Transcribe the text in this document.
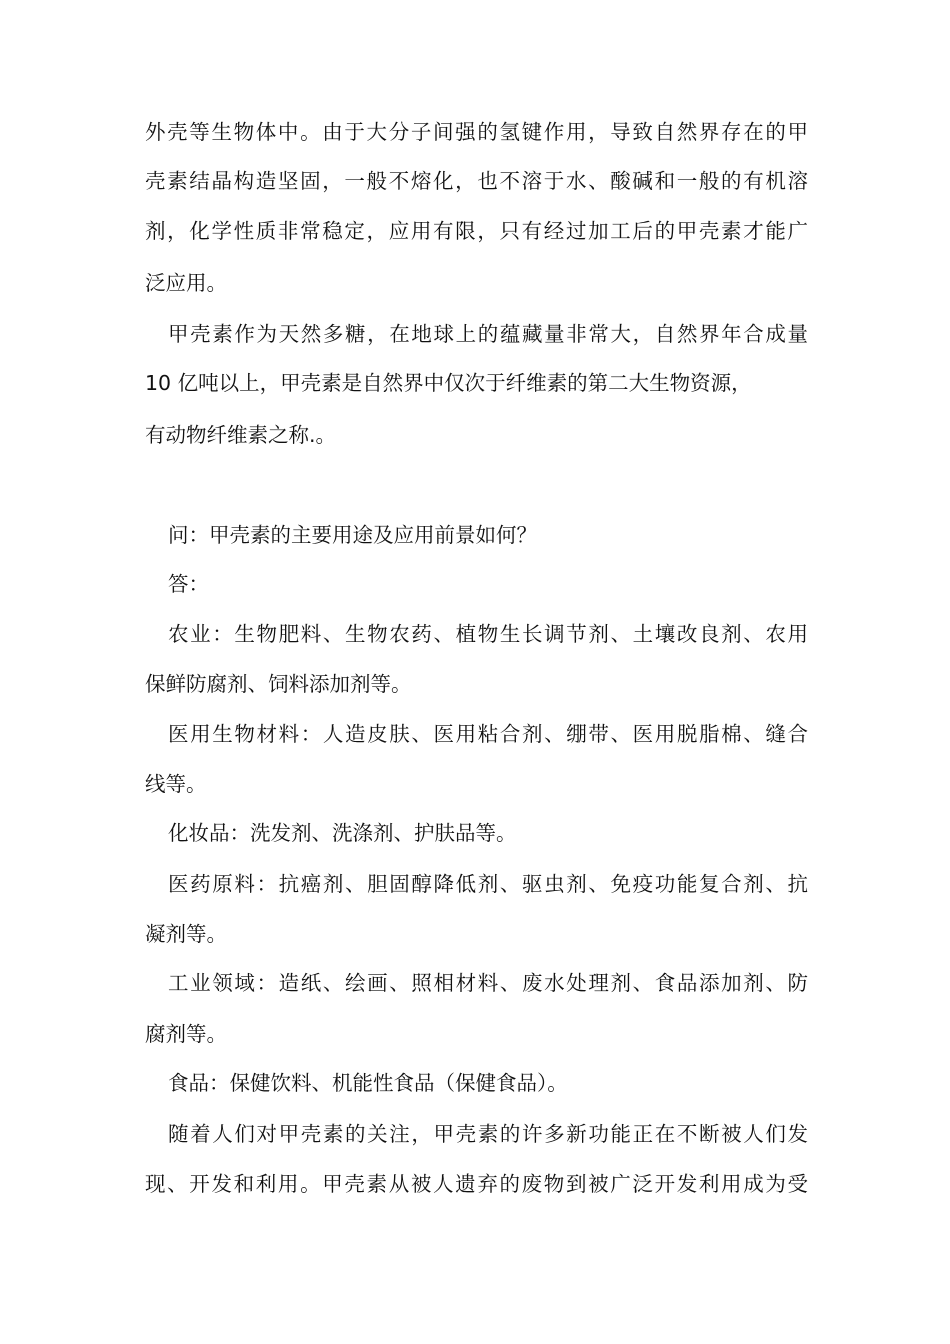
外壳等生物体中。由于大分子间强的氢键作用，导致自然界存在的甲
壳素结晶构造坚固，一般不熔化，也不溶于水、酸碱和一般的有机溶
剂，化学性质非常稳定，应用有限，只有经过加工后的甲壳素才能广
泛应用。
甲壳素作为天然多糖，在地球上的蕴藏量非常大，自然界年合成量
10 亿吨以上，甲壳素是自然界中仅次于纤维素的第二大生物资源，
有动物纤维素之称.。
问：甲壳素的主要用途及应用前景如何？
答：
农业：生物肥料、生物农药、植物生长调节剂、土壤改良剂、农用
保鲜防腐剂、饲料添加剂等。
医用生物材料：人造皮肤、医用粘合剂、绷带、医用脱脂棉、缝合
线等。
化妆品：洗发剂、洗涤剂、护肤品等。
医药原料：抗癌剂、胆固醇降低剂、驱虫剂、免疫功能复合剂、抗
凝剂等。
工业领域：造纸、绘画、照相材料、废水处理剂、食品添加剂、防
腐剂等。
食品：保健饮料、机能性食品（保健食品）。
随着人们对甲壳素的关注，甲壳素的许多新功能正在不断被人们发
现、开发和利用。甲壳素从被人遗弃的废物到被广泛开发利用成为受
